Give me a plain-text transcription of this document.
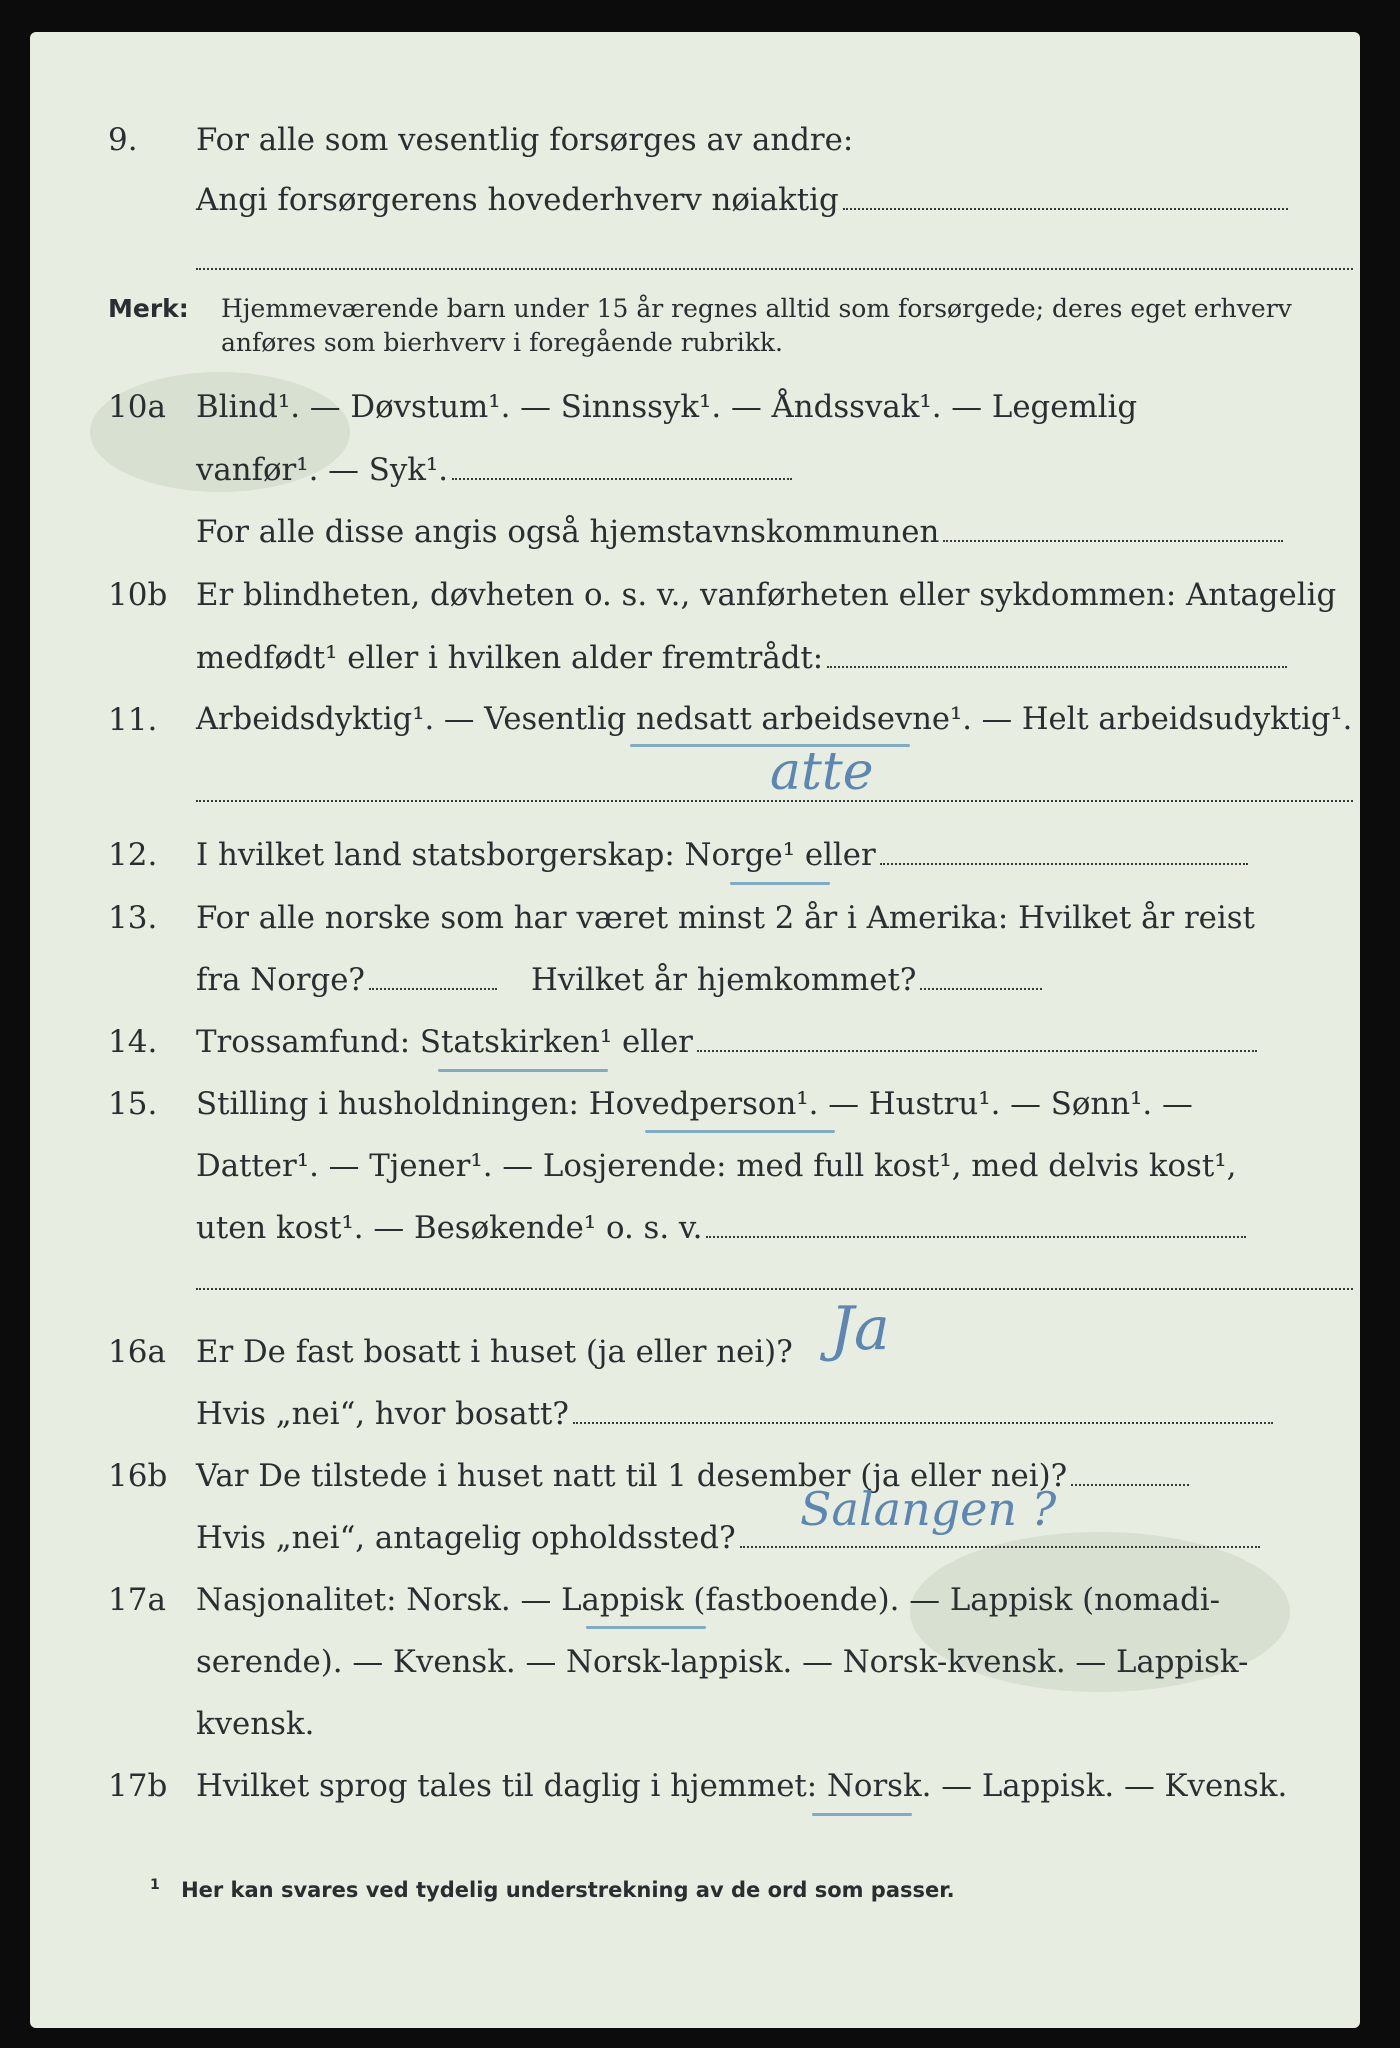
9.	For alle som vesentlig forsørges av andre:
Angi forsørgerens hovederhverv nøiaktig
Merk: Hjemmeværende barn under 15 år regnes alltid som forsørgede; deres eget erhverv anføres som bierhverv i foregående rubrikk.
10a Blind¹. — Døvstum¹. — Sinnssyk¹. — Åndssvak¹. — Legemlig
vanfør¹. — Syk¹.
For alle disse angis også hjemstavnskommunen
10b Er blindheten, døvheten o. s. v., vanførheten eller sykdommen: Antagelig
medfødt¹ eller i hvilken alder fremtrådt:
11.	Arbeidsdyktig¹. — Vesentlig nedsatt arbeidsevne¹. — Helt arbeidsudyktig¹.
atte
12.	I hvilket land statsborgerskap: Norge¹ eller
13.	For alle norske som har været minst 2 år i Amerika: Hvilket år reist
fra Norge?	Hvilket år hjemkommet?
14.	Trossamfund: Statskirken¹ eller
15.	Stilling i husholdningen: Hovedperson¹. — Hustru¹. — Sønn¹. —
Datter¹. — Tjener¹. — Losjerende: med full kost¹, med delvis kost¹,
uten kost¹. — Besøkende¹ o. s. v.
16a Er De fast bosatt i huset (ja eller nei)? Ja
Hvis „nei“, hvor bosatt?
16b Var De tilstede i huset natt til 1 desember (ja eller nei)?
Hvis „nei“, antagelig opholdssted?
Salangen ?
17a Nasjonalitet: Norsk. — Lappisk (fastboende). — Lappisk (nomadi-
serende). — Kvensk. — Norsk-lappisk. — Norsk-kvensk. — Lappisk-
kvensk.
17b Hvilket sprog tales til daglig i hjemmet: Norsk. — Lappisk. — Kvensk.
$^1$ Her kan svares ved tydelig understrekning av de ord som passer.
